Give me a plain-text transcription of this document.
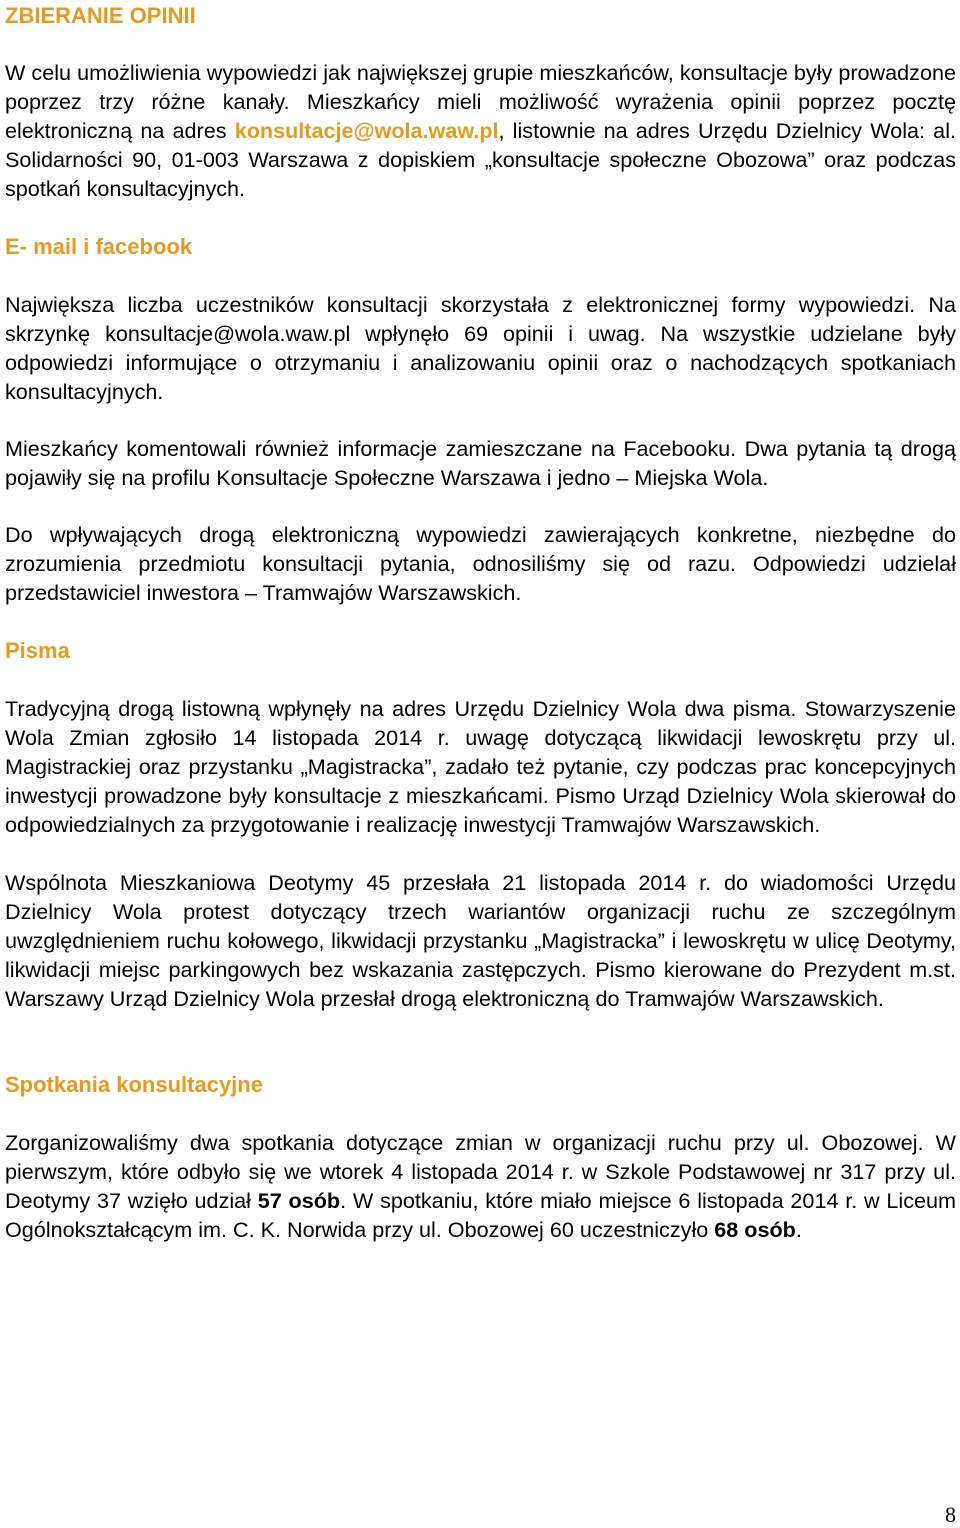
ZBIERANIE OPINII

W celu umożliwienia wypowiedzi jak największej grupie mieszkańców, konsultacje były prowadzone poprzez trzy różne kanały. Mieszkańcy mieli możliwość wyrażenia opinii poprzez pocztę elektroniczną na adres konsultacje@wola.waw.pl, listownie na adres Urzędu Dzielnicy Wola: al. Solidarności 90, 01-003 Warszawa z dopiskiem „konsultacje społeczne Obozowa” oraz podczas spotkań konsultacyjnych.

E- mail i facebook

Największa liczba uczestników konsultacji skorzystała z elektronicznej formy wypowiedzi. Na skrzynkę konsultacje@wola.waw.pl wpłynęło 69 opinii i uwag. Na wszystkie udzielane były odpowiedzi informujące o otrzymaniu i analizowaniu opinii oraz o nachodzących spotkaniach konsultacyjnych.

Mieszkańcy komentowali również informacje zamieszczane na Facebooku. Dwa pytania tą drogą pojawiły się na profilu Konsultacje Społeczne Warszawa i jedno – Miejska Wola.

Do wpływających drogą elektroniczną wypowiedzi zawierających konkretne, niezbędne do zrozumienia przedmiotu konsultacji pytania, odnosiliśmy się od razu. Odpowiedzi udzielał przedstawiciel inwestora – Tramwajów Warszawskich.

Pisma

Tradycyjną drogą listowną wpłynęły na adres Urzędu Dzielnicy Wola dwa pisma. Stowarzyszenie Wola Zmian zgłosiło 14 listopada 2014 r. uwagę dotyczącą likwidacji lewoskrętu przy ul. Magistrackiej oraz przystanku „Magistracka”, zadało też pytanie, czy podczas prac koncepcyjnych inwestycji prowadzone były konsultacje z mieszkańcami. Pismo Urząd Dzielnicy Wola skierował do odpowiedzialnych za przygotowanie i realizację inwestycji Tramwajów Warszawskich.

Wspólnota Mieszkaniowa Deotymy 45 przesłała 21 listopada 2014 r. do wiadomości Urzędu Dzielnicy Wola protest dotyczący trzech wariantów organizacji ruchu ze szczególnym uwzględnieniem ruchu kołowego, likwidacji przystanku „Magistracka” i lewoskrętu w ulicę Deotymy, likwidacji miejsc parkingowych bez wskazania zastępczych. Pismo kierowane do Prezydent m.st. Warszawy Urząd Dzielnicy Wola przesłał drogą elektroniczną do Tramwajów Warszawskich.

Spotkania konsultacyjne

Zorganizowaliśmy dwa spotkania dotyczące zmian w organizacji ruchu przy ul. Obozowej. W pierwszym, które odbyło się we wtorek 4 listopada 2014 r. w Szkole Podstawowej nr 317 przy ul. Deotymy 37 wzięło udział 57 osób. W spotkaniu, które miało miejsce 6 listopada 2014 r. w Liceum Ogólnokształcącym im. C. K. Norwida przy ul. Obozowej 60 uczestniczyło 68 osób.

8
